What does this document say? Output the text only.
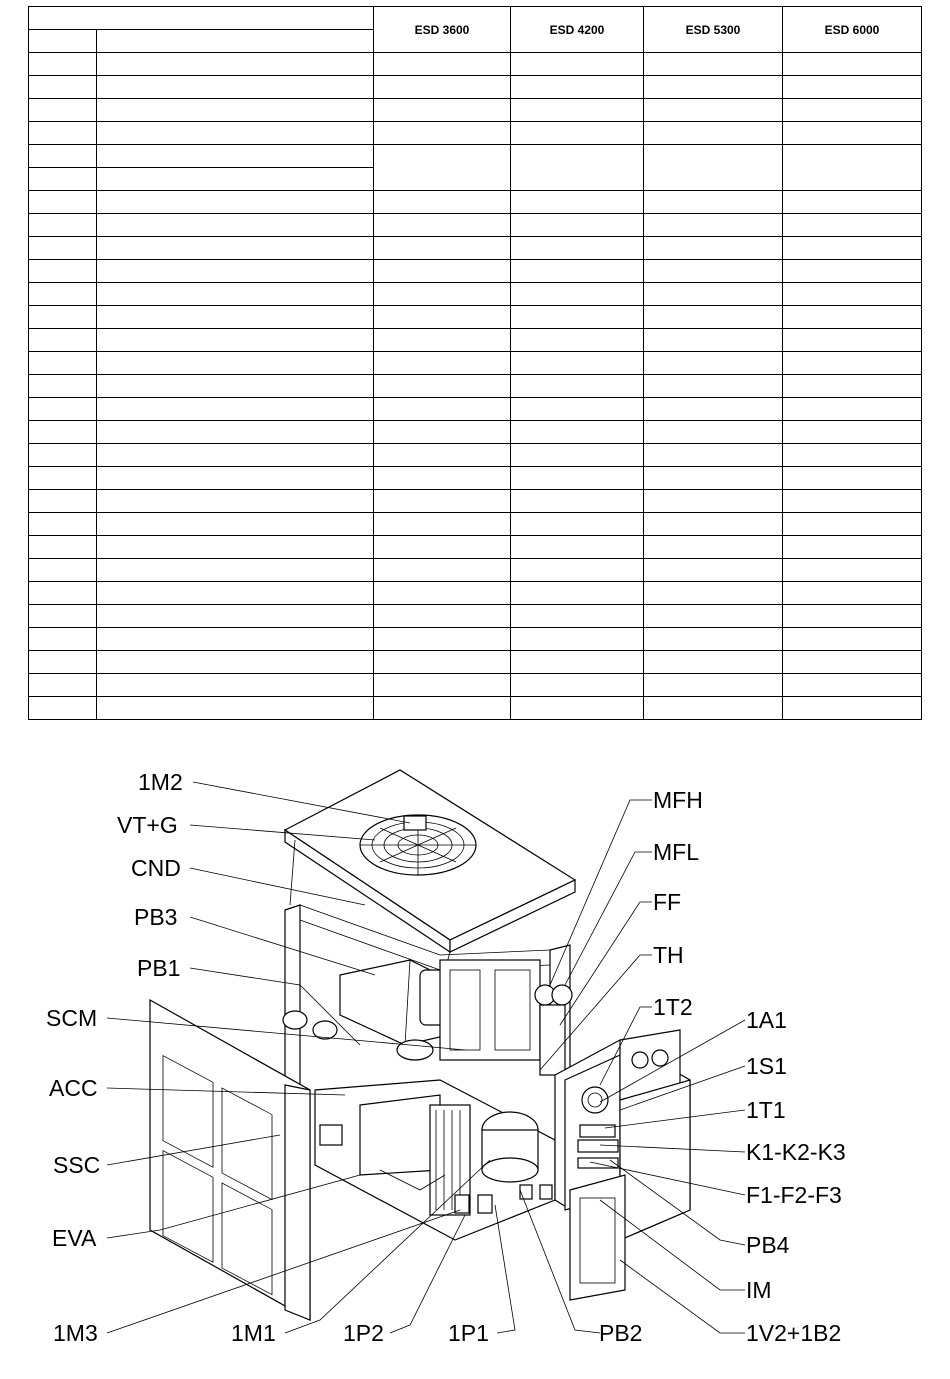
		ESD 3600	ESD 4200	ESD 5300	ESD 6000

1M2
VT+G
CND
PB3
PB1
SCM
ACC
SSC
EVA
1M3	1M1	1P2	1P1	PB2
MFH
MFL
FF
TH
1T2 1A1
1S1
1T1
K1-K2-K3
F1-F2-F3
PB4
IM
1V2+1B2
